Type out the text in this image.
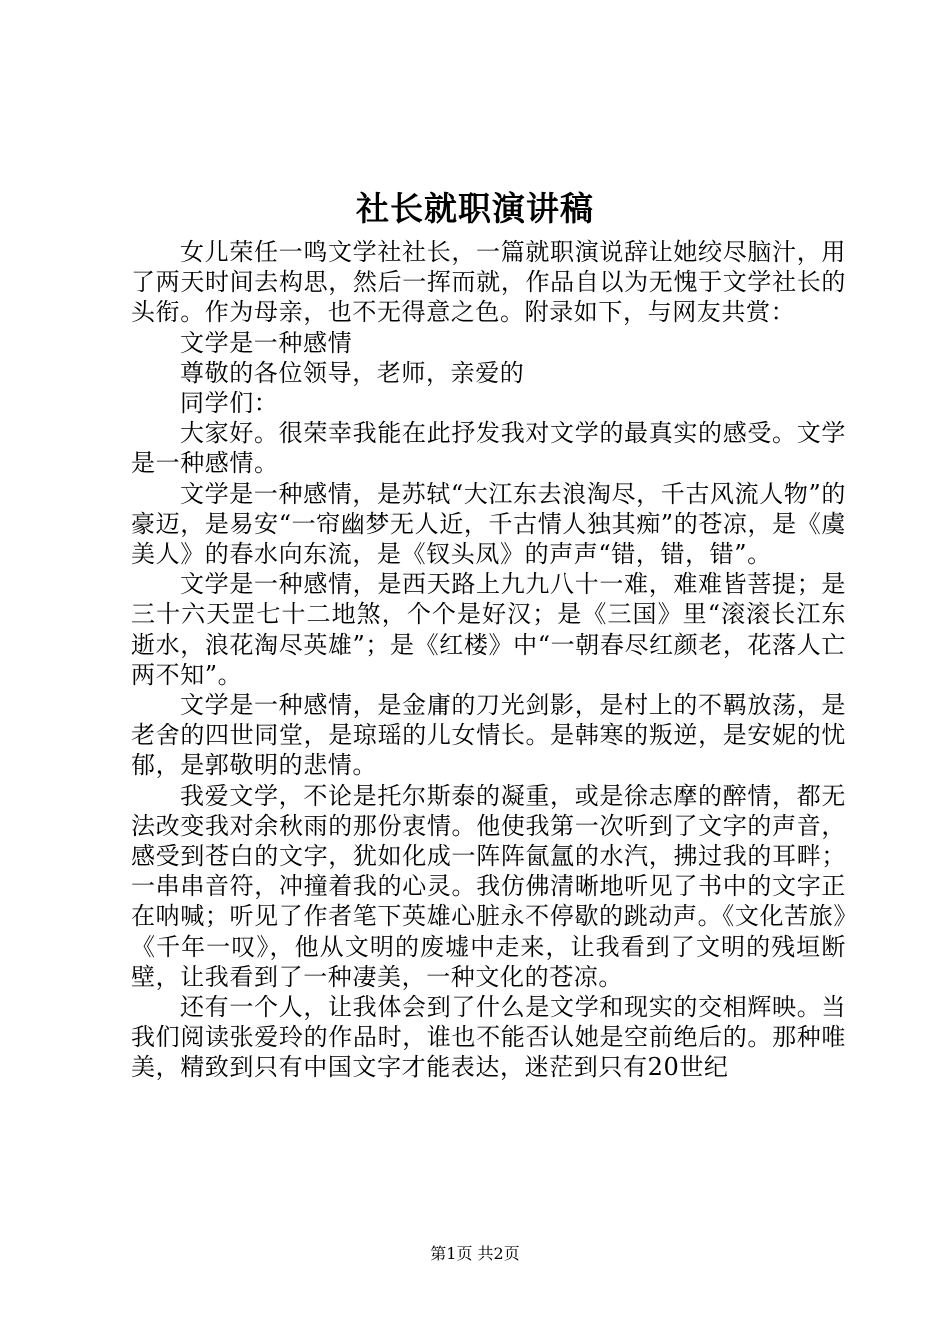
社长就职演讲稿

女儿荣任一鸣文学社社长，一篇就职演说辞让她绞尽脑汁，用了两天时间去构思，然后一挥而就，作品自以为无愧于文学社长的头衔。作为母亲，也不无得意之色。附录如下，与网友共赏：

文学是一种感情

尊敬的各位领导，老师，亲爱的

同学们：

大家好。很荣幸我能在此抒发我对文学的最真实的感受。文学是一种感情。

文学是一种感情，是苏轼“大江东去浪淘尽，千古风流人物”的豪迈，是易安“一帘幽梦无人近，千古情人独其痴”的苍凉，是《虞美人》的春水向东流，是《钗头凤》的声声“错，错，错”。

文学是一种感情，是西天路上九九八十一难，难难皆菩提；是三十六天罡七十二地煞，个个是好汉；是《三国》里“滚滚长江东逝水，浪花淘尽英雄”；是《红楼》中“一朝春尽红颜老，花落人亡两不知”。

文学是一种感情，是金庸的刀光剑影，是村上的不羁放荡，是老舍的四世同堂，是琼瑶的儿女情长。是韩寒的叛逆，是安妮的忧郁，是郭敬明的悲情。

我爱文学，不论是托尔斯泰的凝重，或是徐志摩的醉情，都无法改变我对余秋雨的那份衷情。他使我第一次听到了文字的声音，感受到苍白的文字，犹如化成一阵阵氤氲的水汽，拂过我的耳畔；一串串音符，冲撞着我的心灵。我仿佛清晰地听见了书中的文字正在呐喊；听见了作者笔下英雄心脏永不停歇的跳动声。《文化苦旅》《千年一叹》，他从文明的废墟中走来，让我看到了文明的残垣断壁，让我看到了一种凄美，一种文化的苍凉。

还有一个人，让我体会到了什么是文学和现实的交相辉映。当我们阅读张爱玲的作品时，谁也不能否认她是空前绝后的。那种唯美，精致到只有中国文字才能表达，迷茫到只有20世纪

第1页 共2页
